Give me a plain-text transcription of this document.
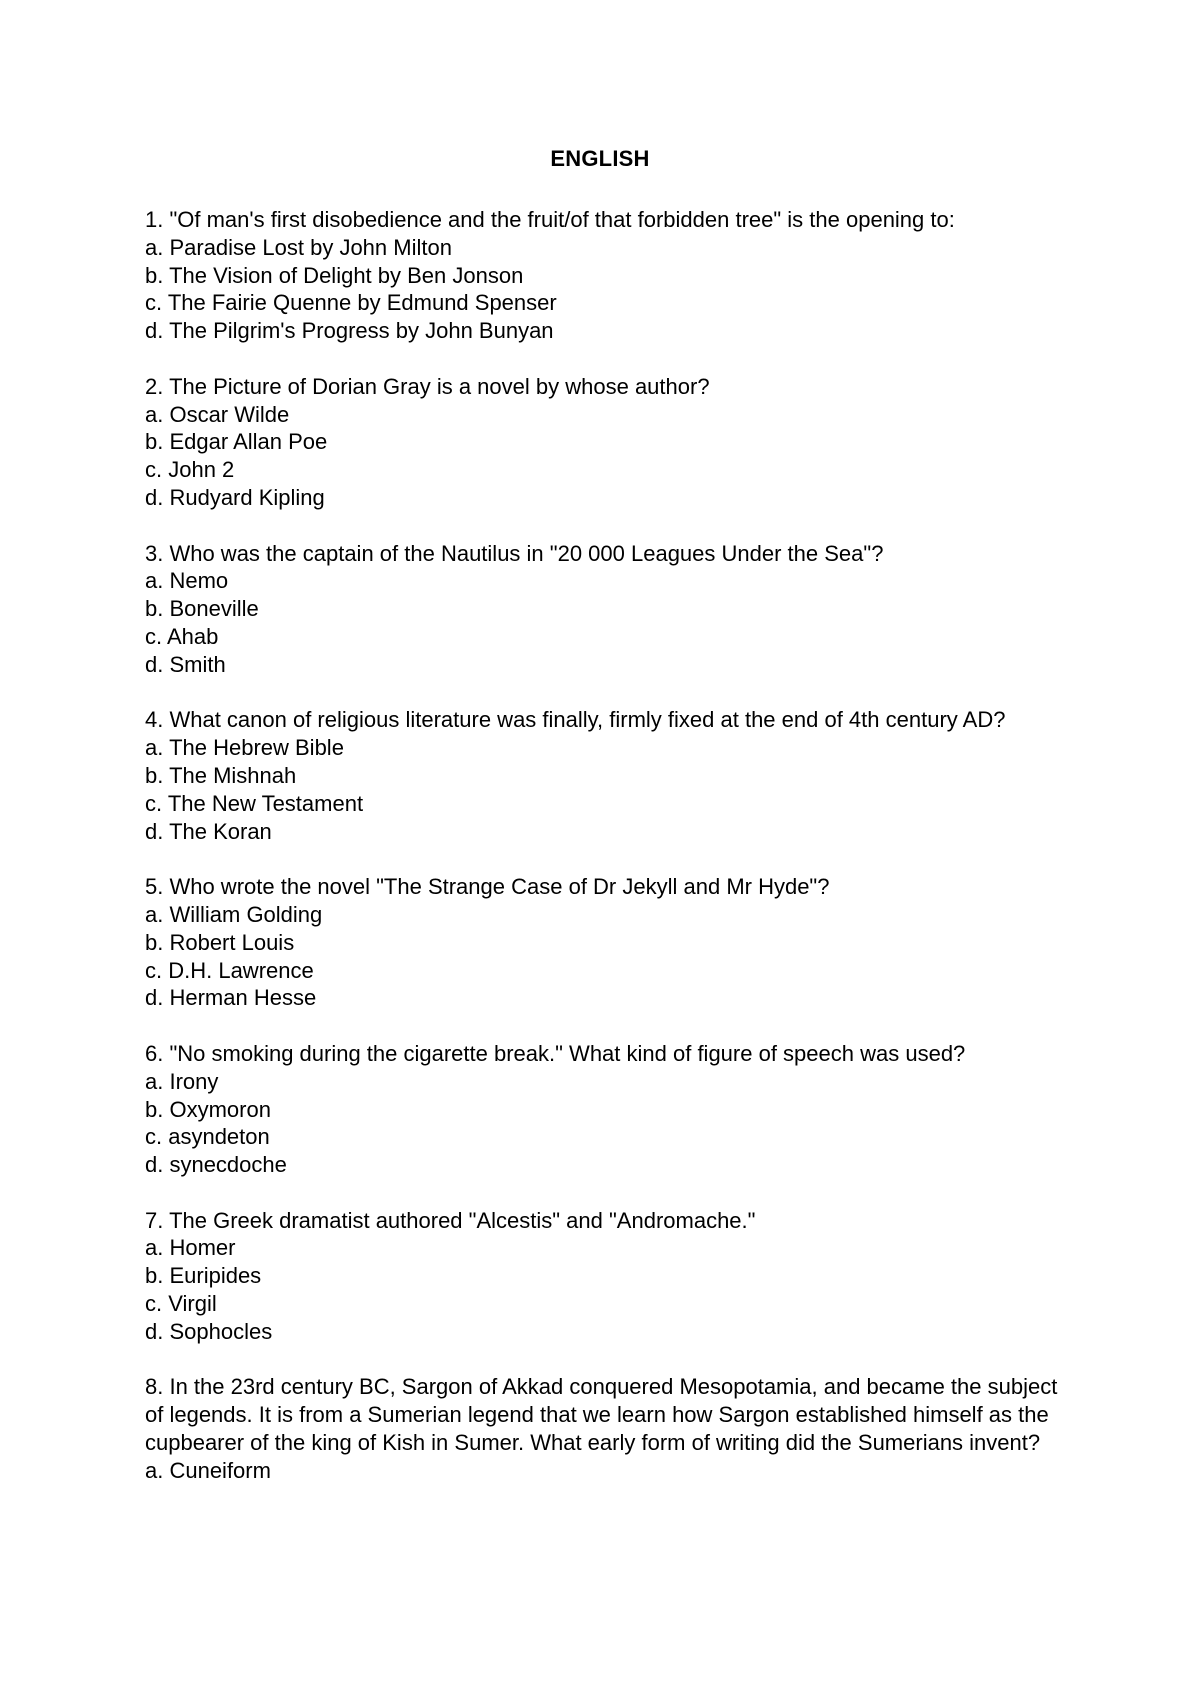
ENGLISH
1. "Of man's first disobedience and the fruit/of that forbidden tree" is the opening to:
a. Paradise Lost by John Milton
b. The Vision of Delight by Ben Jonson
c. The Fairie Quenne by Edmund Spenser
d. The Pilgrim's Progress by John Bunyan
2. The Picture of Dorian Gray is a novel by whose author?
a. Oscar Wilde
b. Edgar Allan Poe
c. John 2
d. Rudyard Kipling
3. Who was the captain of the Nautilus in "20 000 Leagues Under the Sea"?
a. Nemo
b. Boneville
c. Ahab
d. Smith
4. What canon of religious literature was finally, firmly fixed at the end of 4th century AD?
a. The Hebrew Bible
b. The Mishnah
c. The New Testament
d. The Koran
5. Who wrote the novel "The Strange Case of Dr Jekyll and Mr Hyde"?
a. William Golding
b. Robert Louis
c. D.H. Lawrence
d. Herman Hesse
6. "No smoking during the cigarette break." What kind of figure of speech was used?
a. Irony
b. Oxymoron
c. asyndeton
d. synecdoche
7. The Greek dramatist authored "Alcestis" and "Andromache."
a. Homer
b. Euripides
c. Virgil
d. Sophocles
8. In the 23rd century BC, Sargon of Akkad conquered Mesopotamia, and became the subject of legends. It is from a Sumerian legend that we learn how Sargon established himself as the cupbearer of the king of Kish in Sumer. What early form of writing did the Sumerians invent?
a. Cuneiform
